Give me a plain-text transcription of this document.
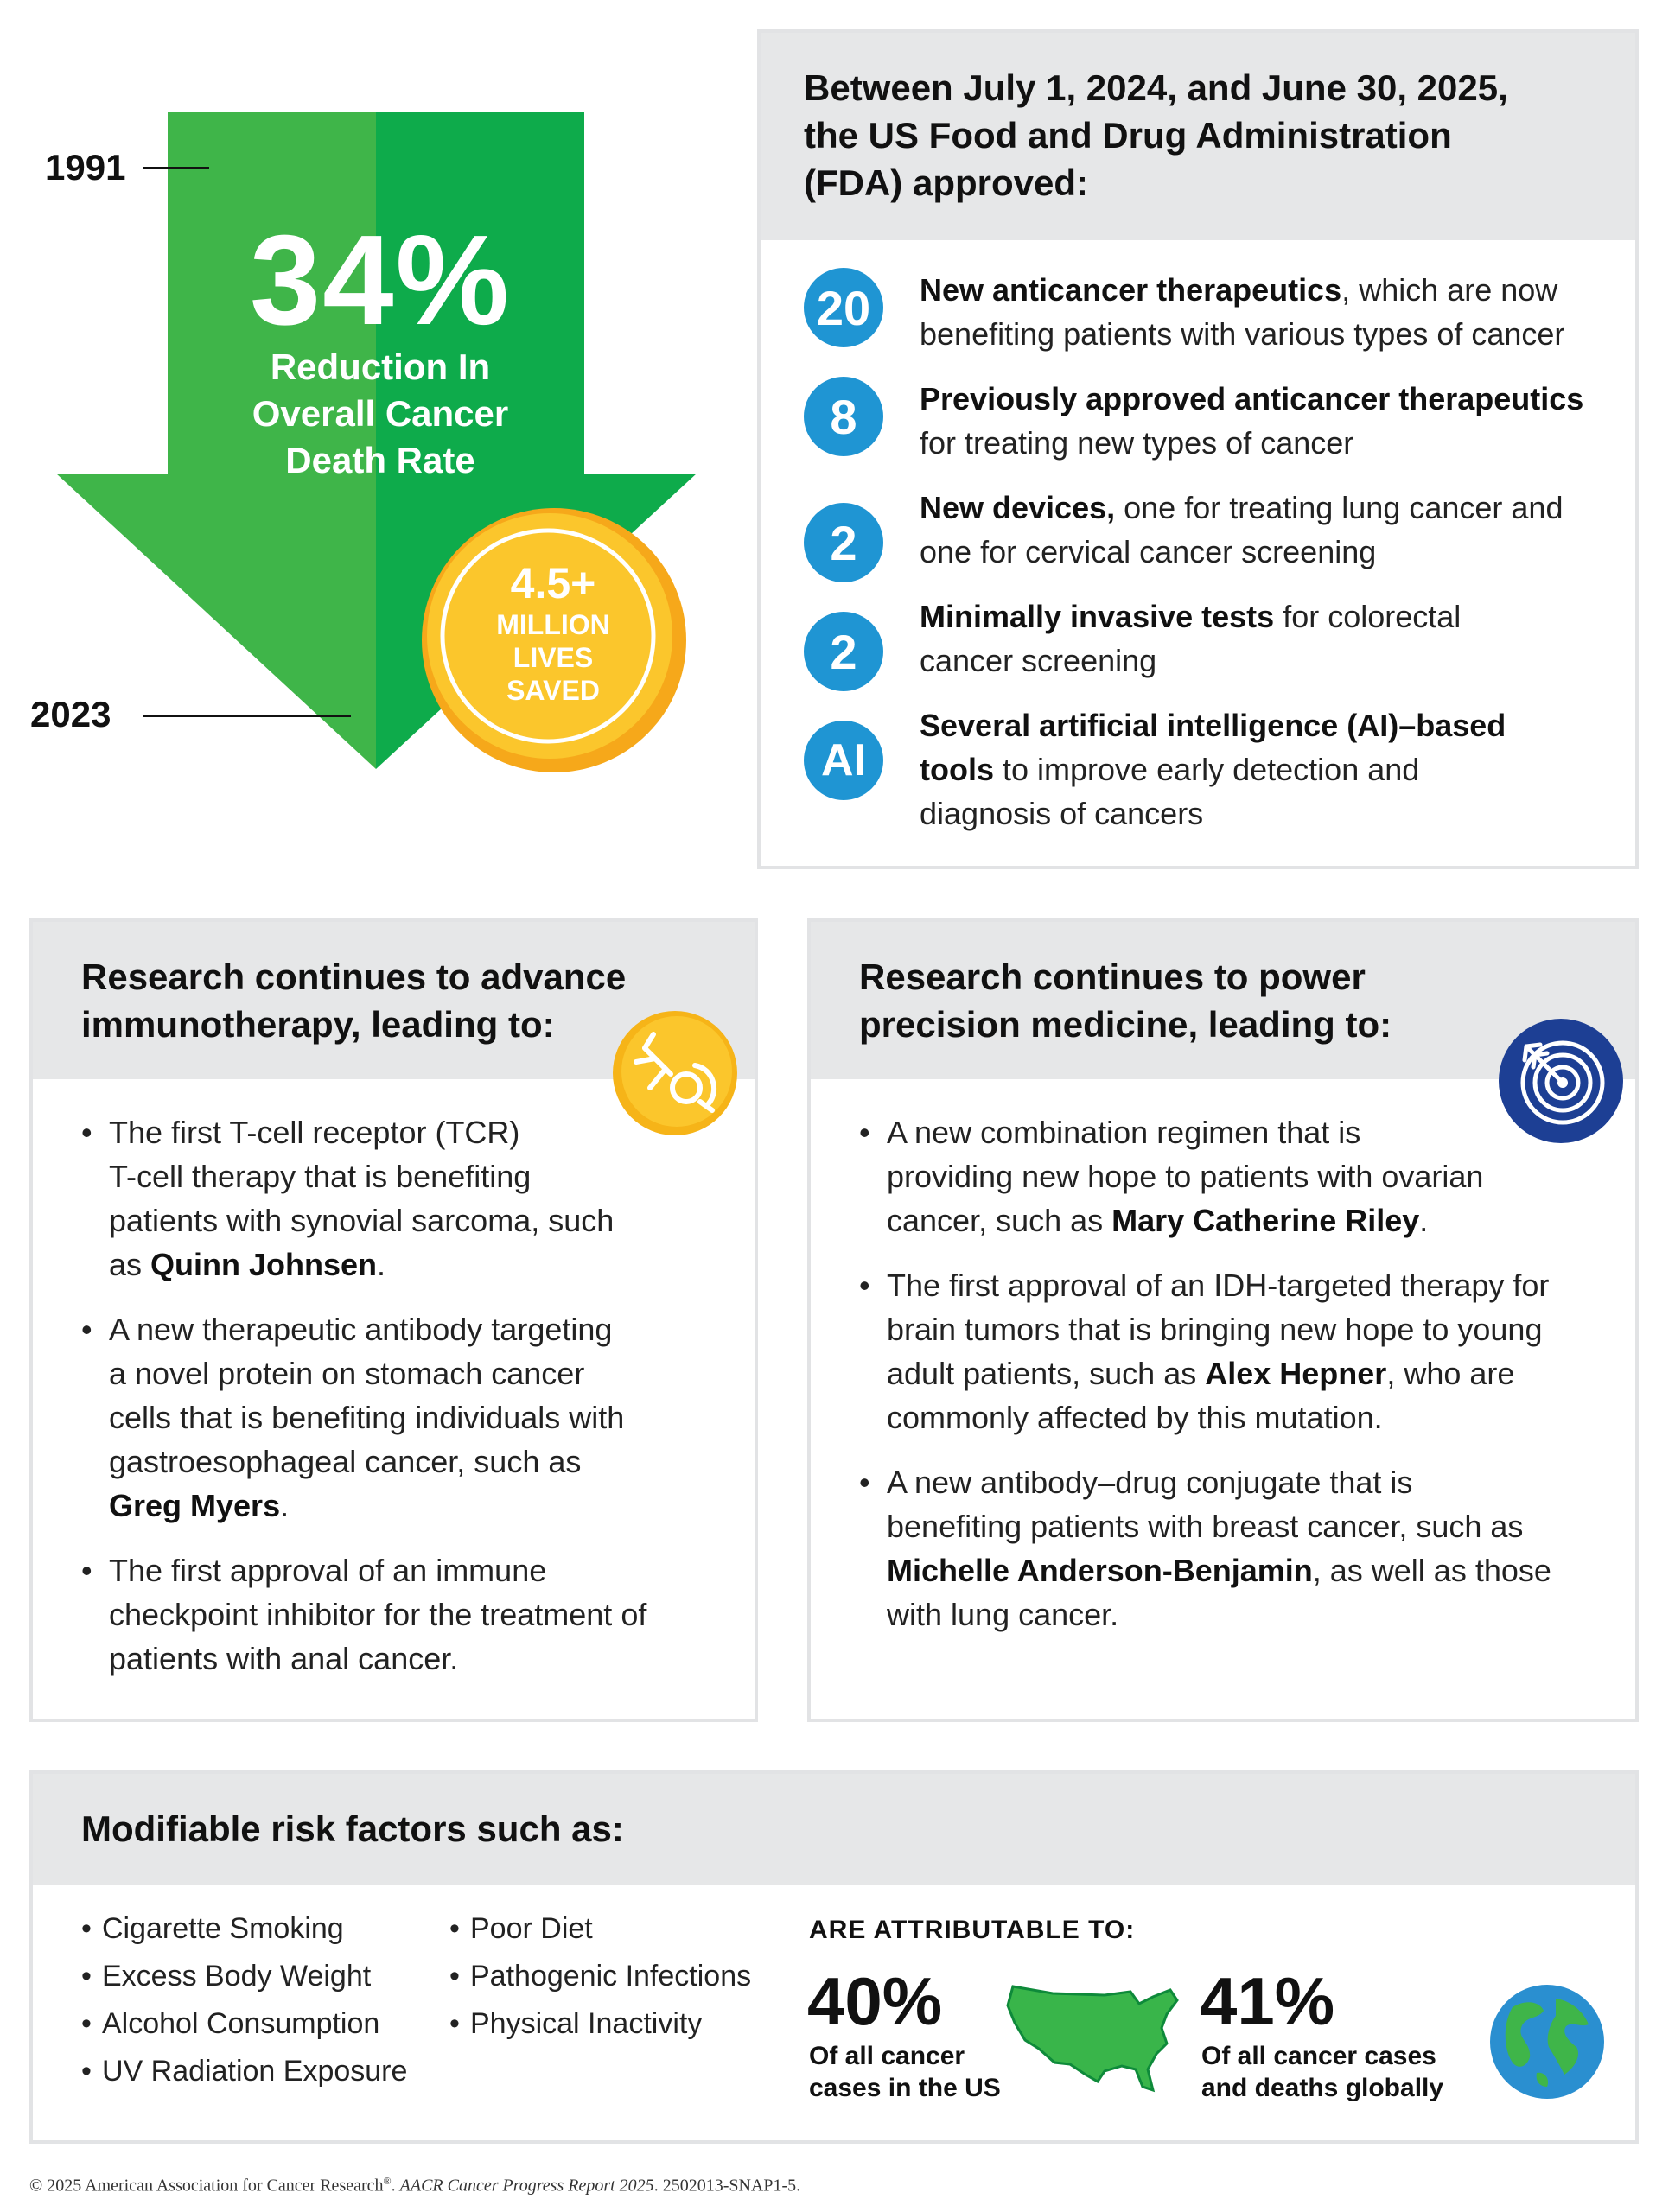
1991
2023
34%
Reduction In
Overall Cancer
Death Rate
4.5+
MILLION
LIVES
SAVED
Between July 1, 2024, and June 30, 2025,
the US Food and Drug Administration
(FDA) approved:
20	New anticancer therapeutics, which are now
benefiting patients with various types of cancer
8	Previously approved anticancer therapeutics
for treating new types of cancer
2
New devices, one for treating lung cancer and
one for cervical cancer screening
2
Minimally invasive tests for colorectal
cancer screening
AI
Several artificial intelligence (AI)–based
tools to improve early detection and
diagnosis of cancers
Research continues to advance
immunotherapy, leading to:
• The first T-cell receptor (TCR)
T-cell therapy that is benefiting
patients with synovial sarcoma, such
as Quinn Johnsen.
• A new therapeutic antibody targeting
a novel protein on stomach cancer
cells that is benefiting individuals with
gastroesophageal cancer, such as
Greg Myers.
• The first approval of an immune
checkpoint inhibitor for the treatment of
patients with anal cancer.
Research continues to power
precision medicine, leading to:
• A new combination regimen that is
providing new hope to patients with ovarian
cancer, such as Mary Catherine Riley.
• The first approval of an IDH-targeted therapy for
brain tumors that is bringing new hope to young
adult patients, such as Alex Hepner, who are
commonly affected by this mutation.
• A new antibody–drug conjugate that is
benefiting patients with breast cancer, such as
Michelle Anderson-Benjamin, as well as those
with lung cancer.
Modifiable risk factors such as:
• Cigarette Smoking
• Excess Body Weight
• Alcohol Consumption
• UV Radiation Exposure
• Poor Diet
• Pathogenic Infections
• Physical Inactivity
ARE ATTRIBUTABLE TO:
40%
Of all cancer
cases in the US
41%
Of all cancer cases
and deaths globally
© 2025 American Association for Cancer Research®. AACR Cancer Progress Report 2025. 2502013-SNAP1-5.
